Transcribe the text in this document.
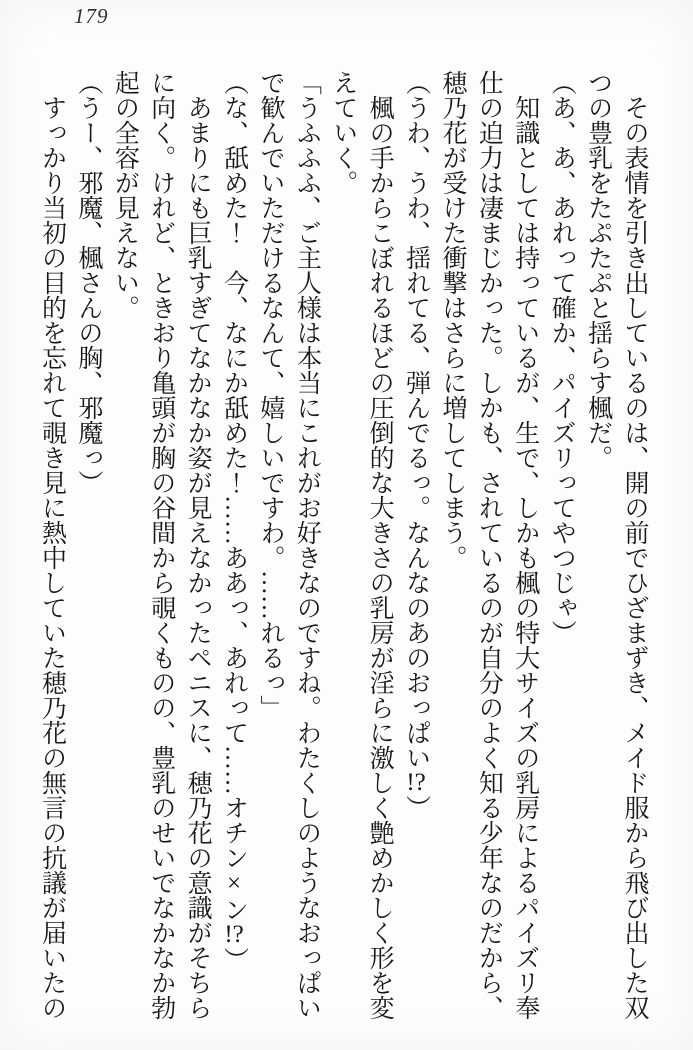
179

　その表情を引き出しているのは、開の前でひざまずき、メイド服から飛び出した双
つの豊乳をたぷたぷと揺らす楓だ。

（あ、あ、あれって確か、パイズリってやつじゃ）

　知識としては持っているが、生で、しかも楓の特大サイズの乳房によるパイズリ奉
仕の迫力は凄まじかった。しかも、されているのが自分のよく知る少年なのだから、
穂乃花が受けた衝撃はさらに増してしまう。

（うわ、うわ、揺れてる、弾んでるっ。なんなのあのおっぱい!?）

　楓の手からこぼれるほどの圧倒的な大きさの乳房が淫らに激しく艶めかしく形を変
えていく。

「うふふふ、ご主人様は本当にこれがお好きなのですね。わたくしのようなおっぱい
で歓んでいただけるなんて、嬉しいですわ。……れるっ」

（な、舐めた！　今、なにか舐めた！……ああっ、あれって……オチン×ン!?）

　あまりにも巨乳すぎてなかなか姿が見えなかったペニスに、穂乃花の意識がそちら
に向く。けれど、ときおり亀頭が胸の谷間から覗くものの、豊乳のせいでなかなか勃
起の全容が見えない。

（うー、邪魔、楓さんの胸、邪魔っ）

　すっかり当初の目的を忘れて覗き見に熱中していた穂乃花の無言の抗議が届いたの
